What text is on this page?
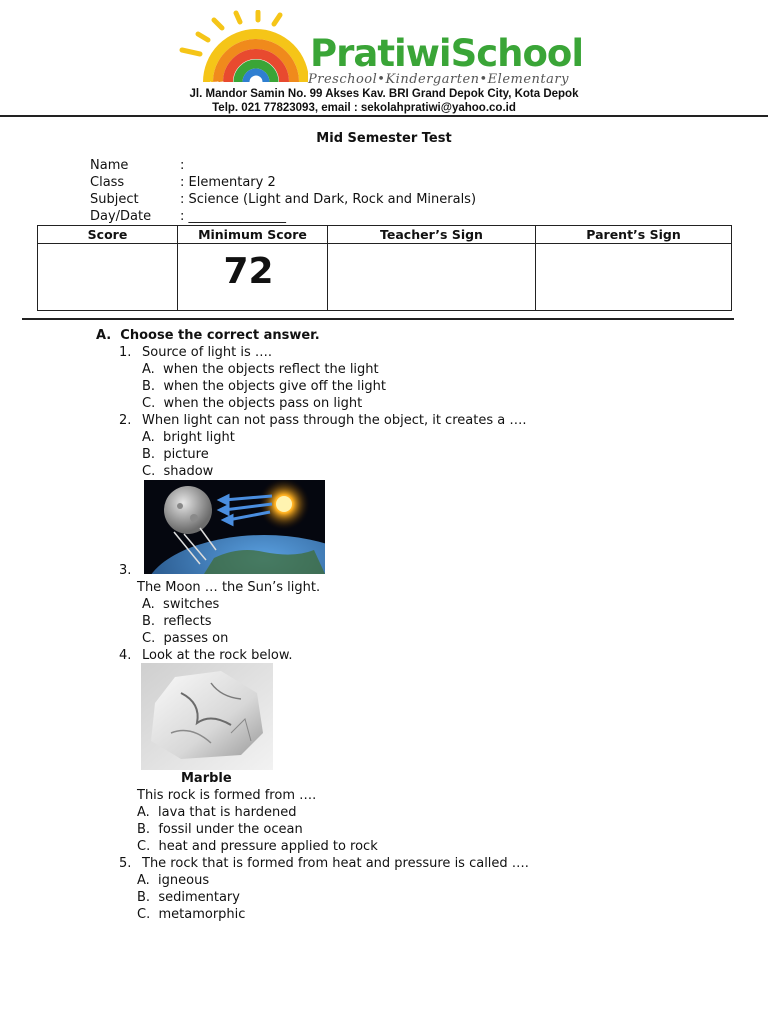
ypp
PratiwiSchool
Preschool•Kindergarten•Elementary
Jl. Mandor Samin No. 99 Akses Kav. BRI Grand Depok City, Kota Depok
Telp. 021 77823093, email : sekolahpratiwi@yahoo.co.id
Mid Semester Test
Name	:
Class	: Elementary 2
Subject	: Science (Light and Dark, Rock and Minerals)
Day/Date	: _______________
Score	Minimum Score	Teacher’s Sign	Parent’s Sign
	72		
A.  Choose the correct answer.
1. Source of light is ….
A.  when the objects reflect the light
B.  when the objects give off the light
C.  when the objects pass on light
2. When light can not pass through the object, it creates a ….
A.  bright light
B.  picture
C.  shadow
3.
The Moon … the Sun’s light.
A.  switches
B.  reflects
C.  passes on
4. Look at the rock below.
Marble
This rock is formed from ….
A.  lava that is hardened
B.  fossil under the ocean
C.  heat and pressure applied to rock
5. The rock that is formed from heat and pressure is called ….
A.  igneous
B.  sedimentary
C.  metamorphic
